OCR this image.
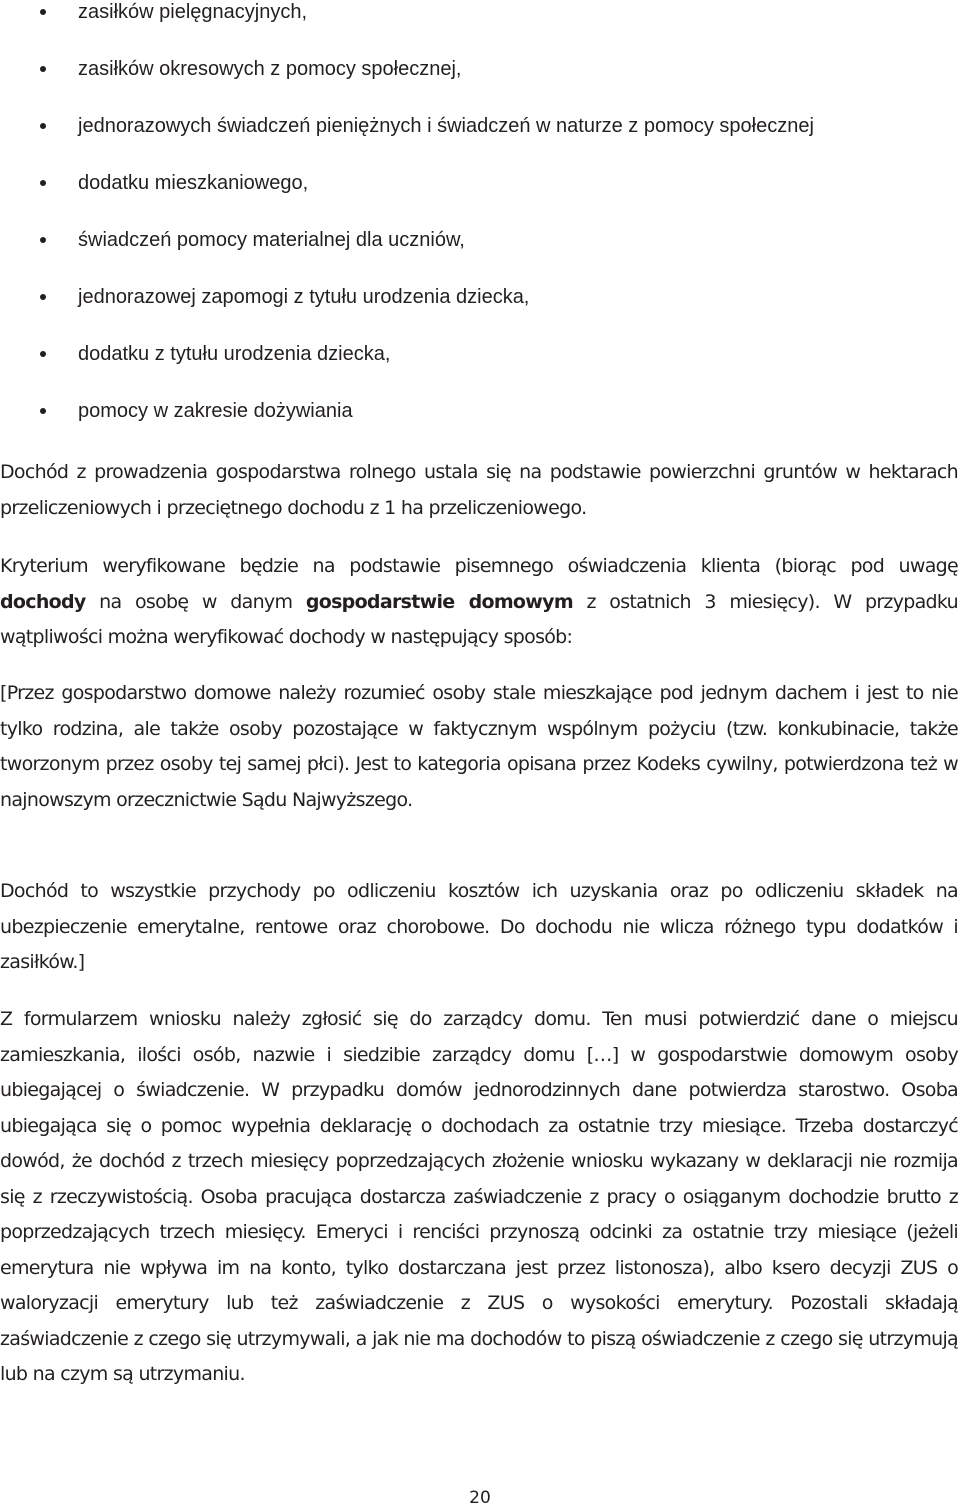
zasiłków pielęgnacyjnych,
zasiłków okresowych z pomocy społecznej,
jednorazowych świadczeń pieniężnych i świadczeń w naturze z pomocy społecznej
dodatku mieszkaniowego,
świadczeń pomocy materialnej dla uczniów,
jednorazowej zapomogi z tytułu urodzenia dziecka,
dodatku z tytułu urodzenia dziecka,
pomocy w zakresie dożywiania

Dochód z prowadzenia gospodarstwa rolnego ustala się na podstawie powierzchni gruntów w hektarach przeliczeniowych i przeciętnego dochodu z 1 ha przeliczeniowego.

Kryterium weryfikowane będzie na podstawie pisemnego oświadczenia klienta (biorąc pod uwagę dochody na osobę w danym gospodarstwie domowym z ostatnich 3 miesięcy). W przypadku wątpliwości można weryfikować dochody w następujący sposób:

[Przez gospodarstwo domowe należy rozumieć osoby stale mieszkające pod jednym dachem i jest to nie tylko rodzina, ale także osoby pozostające w faktycznym wspólnym pożyciu (tzw. konkubinacie, także tworzonym przez osoby tej samej płci). Jest to kategoria opisana przez Kodeks cywilny, potwierdzona też w najnowszym orzecznictwie Sądu Najwyższego.

Dochód to wszystkie przychody po odliczeniu kosztów ich uzyskania oraz po odliczeniu składek na ubezpieczenie emerytalne, rentowe oraz chorobowe. Do dochodu nie wlicza różnego typu dodatków i zasiłków.]

Z formularzem wniosku należy zgłosić się do zarządcy domu. Ten musi potwierdzić dane o miejscu zamieszkania, ilości osób, nazwie i siedzibie zarządcy domu […] w gospodarstwie domowym osoby ubiegającej o świadczenie. W przypadku domów jednorodzinnych dane potwierdza starostwo. Osoba ubiegająca się o pomoc wypełnia deklarację o dochodach za ostatnie trzy miesiące. Trzeba dostarczyć dowód, że dochód z trzech miesięcy poprzedzających złożenie wniosku wykazany w deklaracji nie rozmija się z rzeczywistością. Osoba pracująca dostarcza zaświadczenie z pracy o osiąganym dochodzie brutto z poprzedzających trzech miesięcy. Emeryci i renciści przynoszą odcinki za ostatnie trzy miesiące (jeżeli emerytura nie wpływa im na konto, tylko dostarczana jest przez listonosza), albo ksero decyzji ZUS o waloryzacji emerytury lub też zaświadczenie z ZUS o wysokości emerytury. Pozostali składają zaświadczenie z czego się utrzymywali, a jak nie ma dochodów to piszą oświadczenie z czego się utrzymują lub na czym są utrzymaniu.

20
